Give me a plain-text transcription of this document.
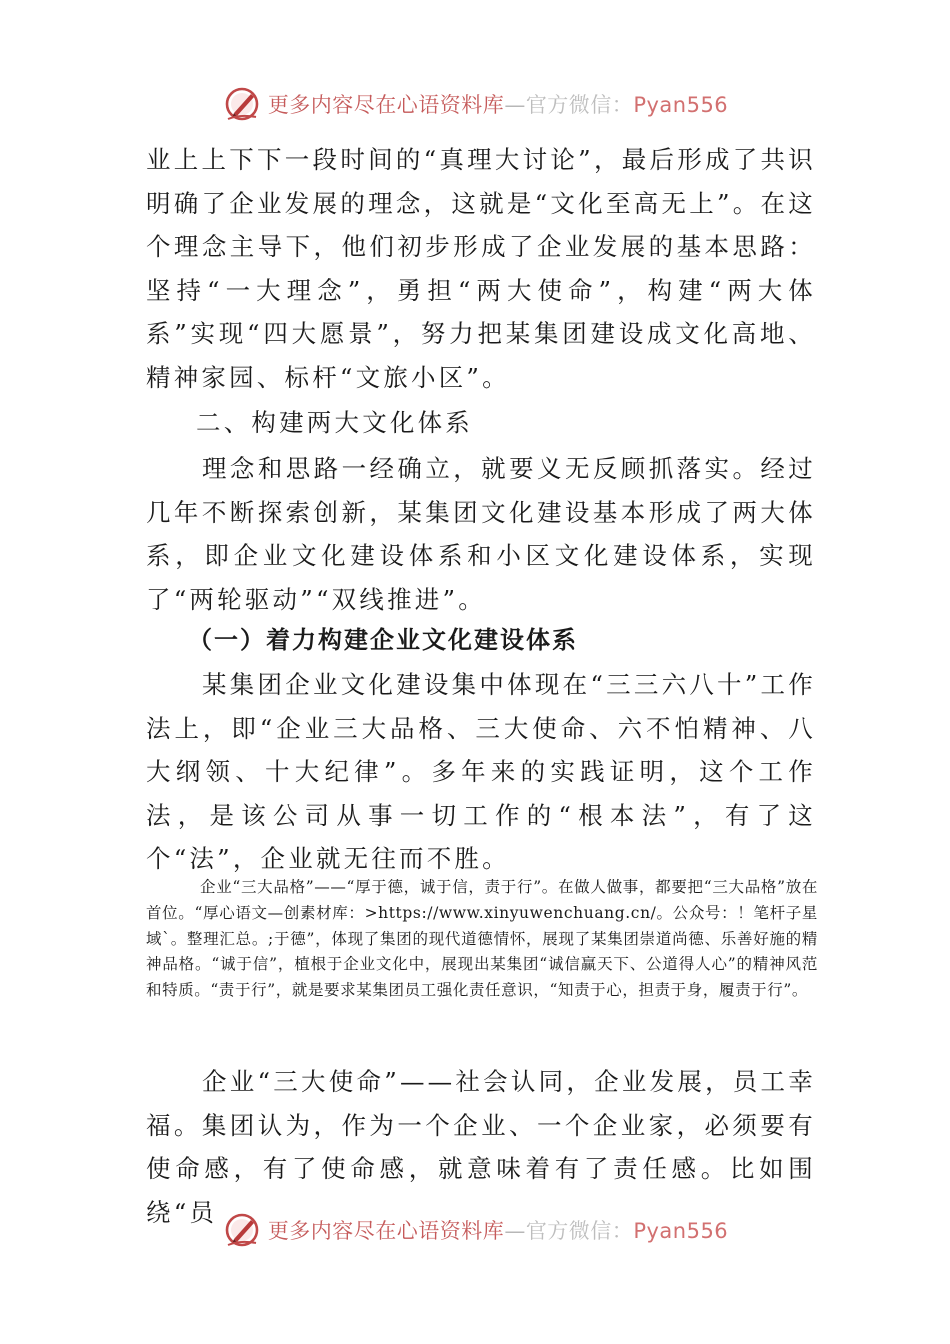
更多内容尽在心语资料库—官方微信：Pyan556

业上上下下一段时间的“真理大讨论”，最后形成了共识明确了企业发展的理念，这就是“文化至高无上”。在这个理念主导下，他们初步形成了企业发展的基本思路：坚持“一大理念”，勇担“两大使命”，构建“两大体系”实现“四大愿景”，努力把某集团建设成文化高地、精神家园、标杆“文旅小区”。

二、构建两大文化体系

理念和思路一经确立，就要义无反顾抓落实。经过几年不断探索创新，某集团文化建设基本形成了两大体系，即企业文化建设体系和小区文化建设体系，实现了“两轮驱动”“双线推进”。

（一）着力构建企业文化建设体系

某集团企业文化建设集中体现在“三三六八十”工作法上，即“企业三大品格、三大使命、六不怕精神、八大纲领、十大纪律”。多年来的实践证明，这个工作法，是该公司从事一切工作的“根本法”，有了这个“法”，企业就无往而不胜。

企业“三大品格”——“厚于德，诚于信，责于行”。在做人做事，都要把“三大品格”放在首位。“厚心语文—创素材库：>https://www.xinyuwenchuang.cn/。公众号：！笔杆子星域`。整理汇总。;于德”，体现了集团的现代道德情怀，展现了某集团崇道尚德、乐善好施的精神品格。“诚于信”，植根于企业文化中，展现出某集团“诚信赢天下、公道得人心”的精神风范和特质。“责于行”，就是要求某集团员工强化责任意识，“知责于心，担责于身，履责于行”。

企业“三大使命”——社会认同，企业发展，员工幸福。集团认为，作为一个企业、一个企业家，必须要有使命感，有了使命感，就意味着有了责任感。比如围绕“员

更多内容尽在心语资料库—官方微信：Pyan556
